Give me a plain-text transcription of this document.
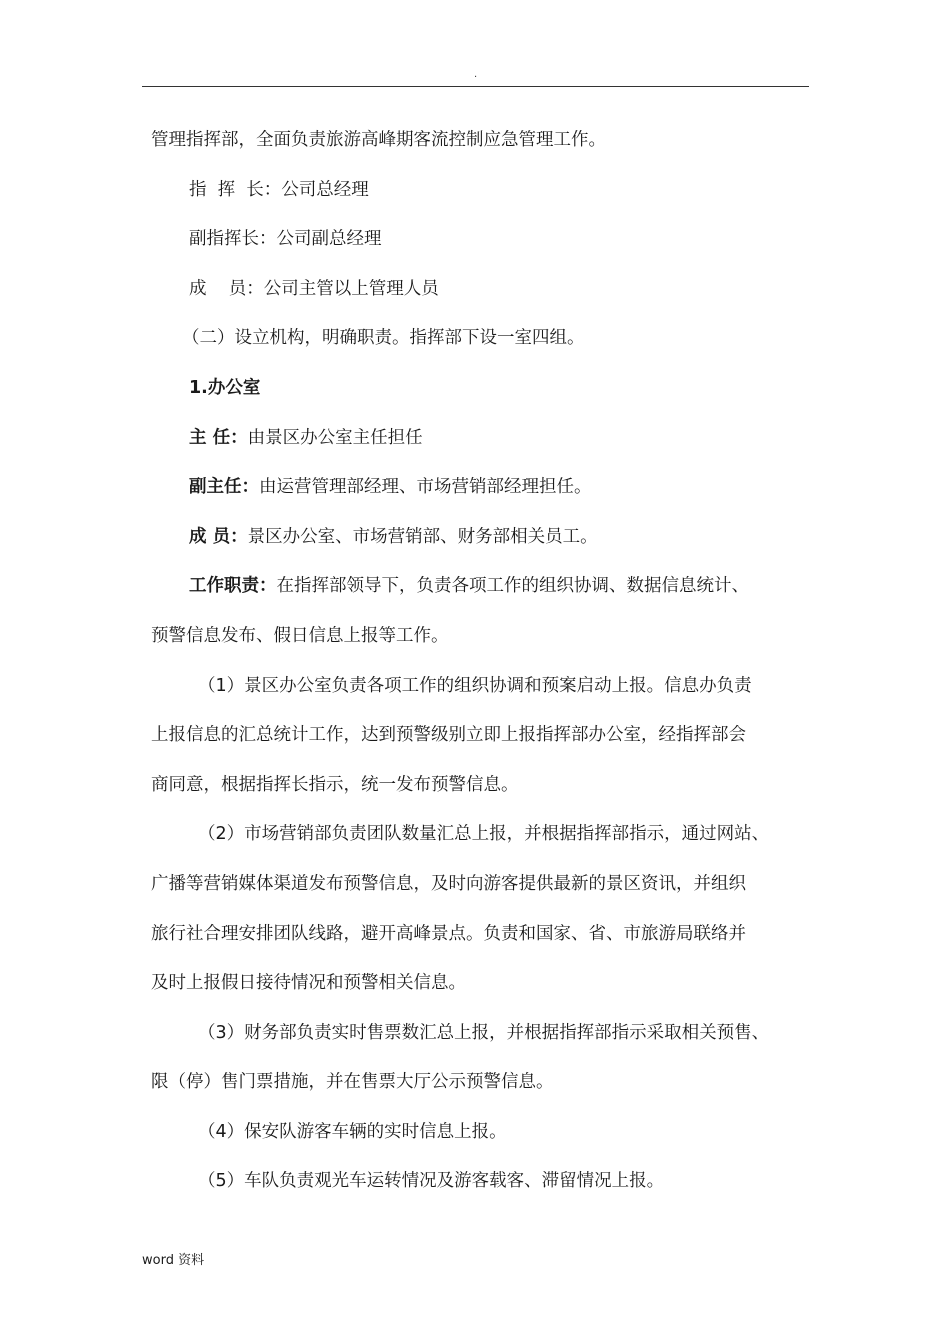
.

管理指挥部，全面负责旅游高峰期客流控制应急管理工作。

指  挥  长：公司总经理

副指挥长：公司副总经理

成    员：公司主管以上管理人员

（二）设立机构，明确职责。指挥部下设一室四组。

1.办公室

主 任：由景区办公室主任担任

副主任：由运营管理部经理、市场营销部经理担任。

成 员：景区办公室、市场营销部、财务部相关员工。

工作职责：在指挥部领导下，负责各项工作的组织协调、数据信息统计、

预警信息发布、假日信息上报等工作。

（1）景区办公室负责各项工作的组织协调和预案启动上报。信息办负责

上报信息的汇总统计工作，达到预警级别立即上报指挥部办公室，经指挥部会

商同意，根据指挥长指示，统一发布预警信息。

（2）市场营销部负责团队数量汇总上报，并根据指挥部指示，通过网站、

广播等营销媒体渠道发布预警信息，及时向游客提供最新的景区资讯，并组织

旅行社合理安排团队线路，避开高峰景点。负责和国家、省、市旅游局联络并

及时上报假日接待情况和预警相关信息。

（3）财务部负责实时售票数汇总上报，并根据指挥部指示采取相关预售、

限（停）售门票措施，并在售票大厅公示预警信息。

（4）保安队游客车辆的实时信息上报。

（5）车队负责观光车运转情况及游客载客、滞留情况上报。

word 资料
